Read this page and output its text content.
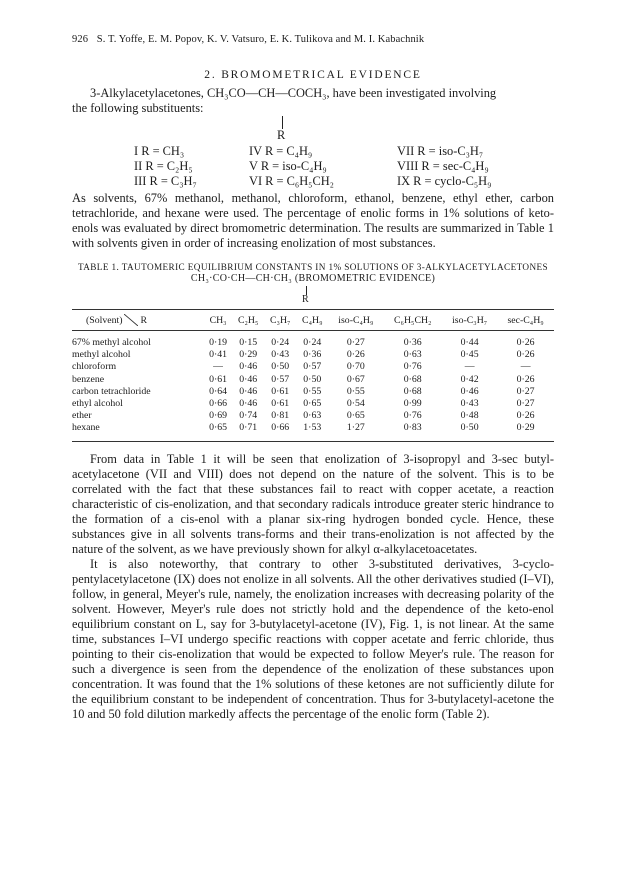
926 S. T. Yoffe, E. M. Popov, K. V. Vatsuro, E. K. Tulikova and M. I. Kabachnik
2. BROMOMETRICAL EVIDENCE

3-Alkylacetylacetones, CH₃CO—CH—COCH₃, have been investigated involving

the following substituents:

R
I R = CH₃	IV R = C₄H₉	VII R = iso-C₃H₇
II R = C₂H₅	V R = iso-C₄H₉	VIII R = sec-C₄H₉
III R = C₃H₇	VI R = C₆H₅CH₂	IX R = cyclo-C₅H₉

As solvents, 67% methanol, methanol, chloroform, ethanol, benzene, ethyl ether, carbon tetrachloride, and hexane were used. The percentage of enolic forms in 1% solutions of keto-enols was evaluated by direct bromometric determination. The results are summarized in Table 1 with solvents given in order of increasing enolization of most substances.

TABLE 1. TAUTOMERIC EQUILIBRIUM CONSTANTS IN 1% SOLUTIONS OF 3-ALKYLACETYLACETONES
CH₃·CO·CH—CH·CH₃ (BROMOMETRIC EVIDENCE)
R
(Solvent) R	CH₃	C₂H₅	C₃H₇	C₄H₉	iso-C₄H₉	C₆H₅CH₂	iso-C₃H₇	sec-C₄H₉
67% methyl alcohol	0·19	0·15	0·24	0·24	0·27	0·36	0·44	0·26
methyl alcohol	0·41	0·29	0·43	0·36	0·26	0·63	0·45	0·26
chloroform	—	0·46	0·50	0·57	0·70	0·76	—	—
benzene	0·61	0·46	0·57	0·50	0·67	0·68	0·42	0·26
carbon tetrachloride	0·64	0·46	0·61	0·55	0·55	0·68	0·46	0·27
ethyl alcohol	0·66	0·46	0·61	0·65	0·54	0·99	0·43	0·27
ether	0·69	0·74	0·81	0·63	0·65	0·76	0·48	0·26
hexane	0·65	0·71	0·66	1·53	1·27	0·83	0·50	0·29

From data in Table 1 it will be seen that enolization of 3-isopropyl and 3-sec butyl-acetylacetone (VII and VIII) does not depend on the nature of the solvent. This is to be correlated with the fact that these substances fail to react with copper acetate, a reaction characteristic of cis-enolization, and that secondary radicals introduce greater steric hindrance to the formation of a cis-enol with a planar six-ring hydrogen bonded cycle. Hence, these substances give in all solvents trans-forms and their trans-enolization is not affected by the nature of the solvent, as we have previously shown for alkyl α-alkylacetoacetates.

It is also noteworthy, that contrary to other 3-substituted derivatives, 3-cyclo-pentylacetylacetone (IX) does not enolize in all solvents. All the other derivatives studied (I–VI), follow, in general, Meyer's rule, namely, the enolization increases with decreasing polarity of the solvent. However, Meyer's rule does not strictly hold and the dependence of the keto-enol equilibrium constant on L, say for 3-butylacetyl-acetone (IV), Fig. 1, is not linear. At the same time, substances I–VI undergo specific reactions with copper acetate and ferric chloride, thus pointing to their cis-enolization that would be expected to follow Meyer's rule. The reason for such a divergence is seen from the dependence of the enolization of these substances upon concentration. It was found that the 1% solutions of these ketones are not sufficiently dilute for the equilibrium constant to be independent of concentration. Thus for 3-butylacetyl-acetone the 10 and 50 fold dilution markedly affects the percentage of the enolic form (Table 2).
